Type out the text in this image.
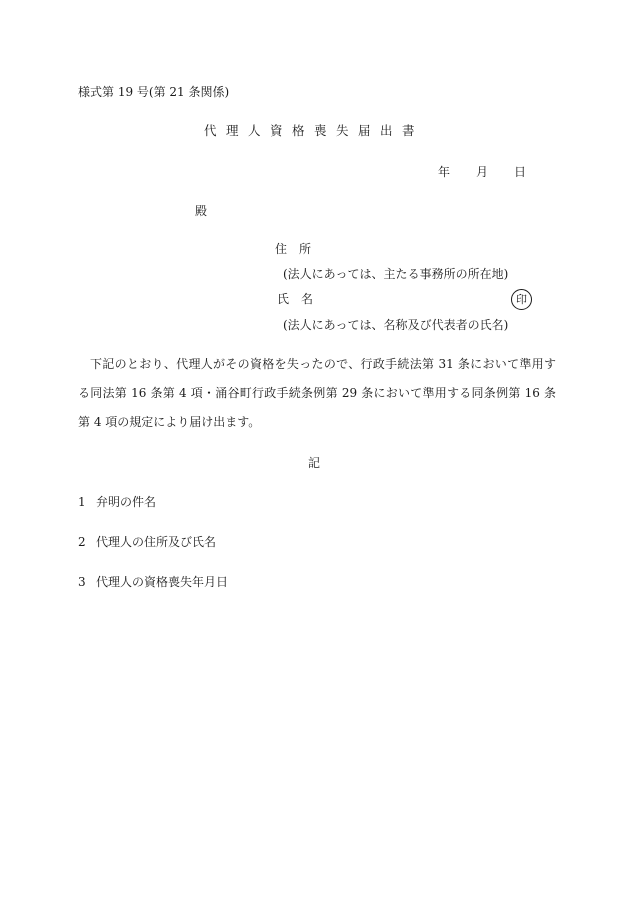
様式第 19 号(第 21 条関係)
代理人資格喪失届出書
年	月	日
殿
住所
(法人にあっては、主たる事務所の所在地)
氏名	印
(法人にあっては、名称及び代表者の氏名)
下記のとおり、代理人がその資格を失ったので、行政手続法第 31 条において準用する同法第 16 条第 4 項・涌谷町行政手続条例第 29 条において準用する同条例第 16 条第 4 項の規定により届け出ます。
記
1 弁明の件名
2 代理人の住所及び氏名
3 代理人の資格喪失年月日
